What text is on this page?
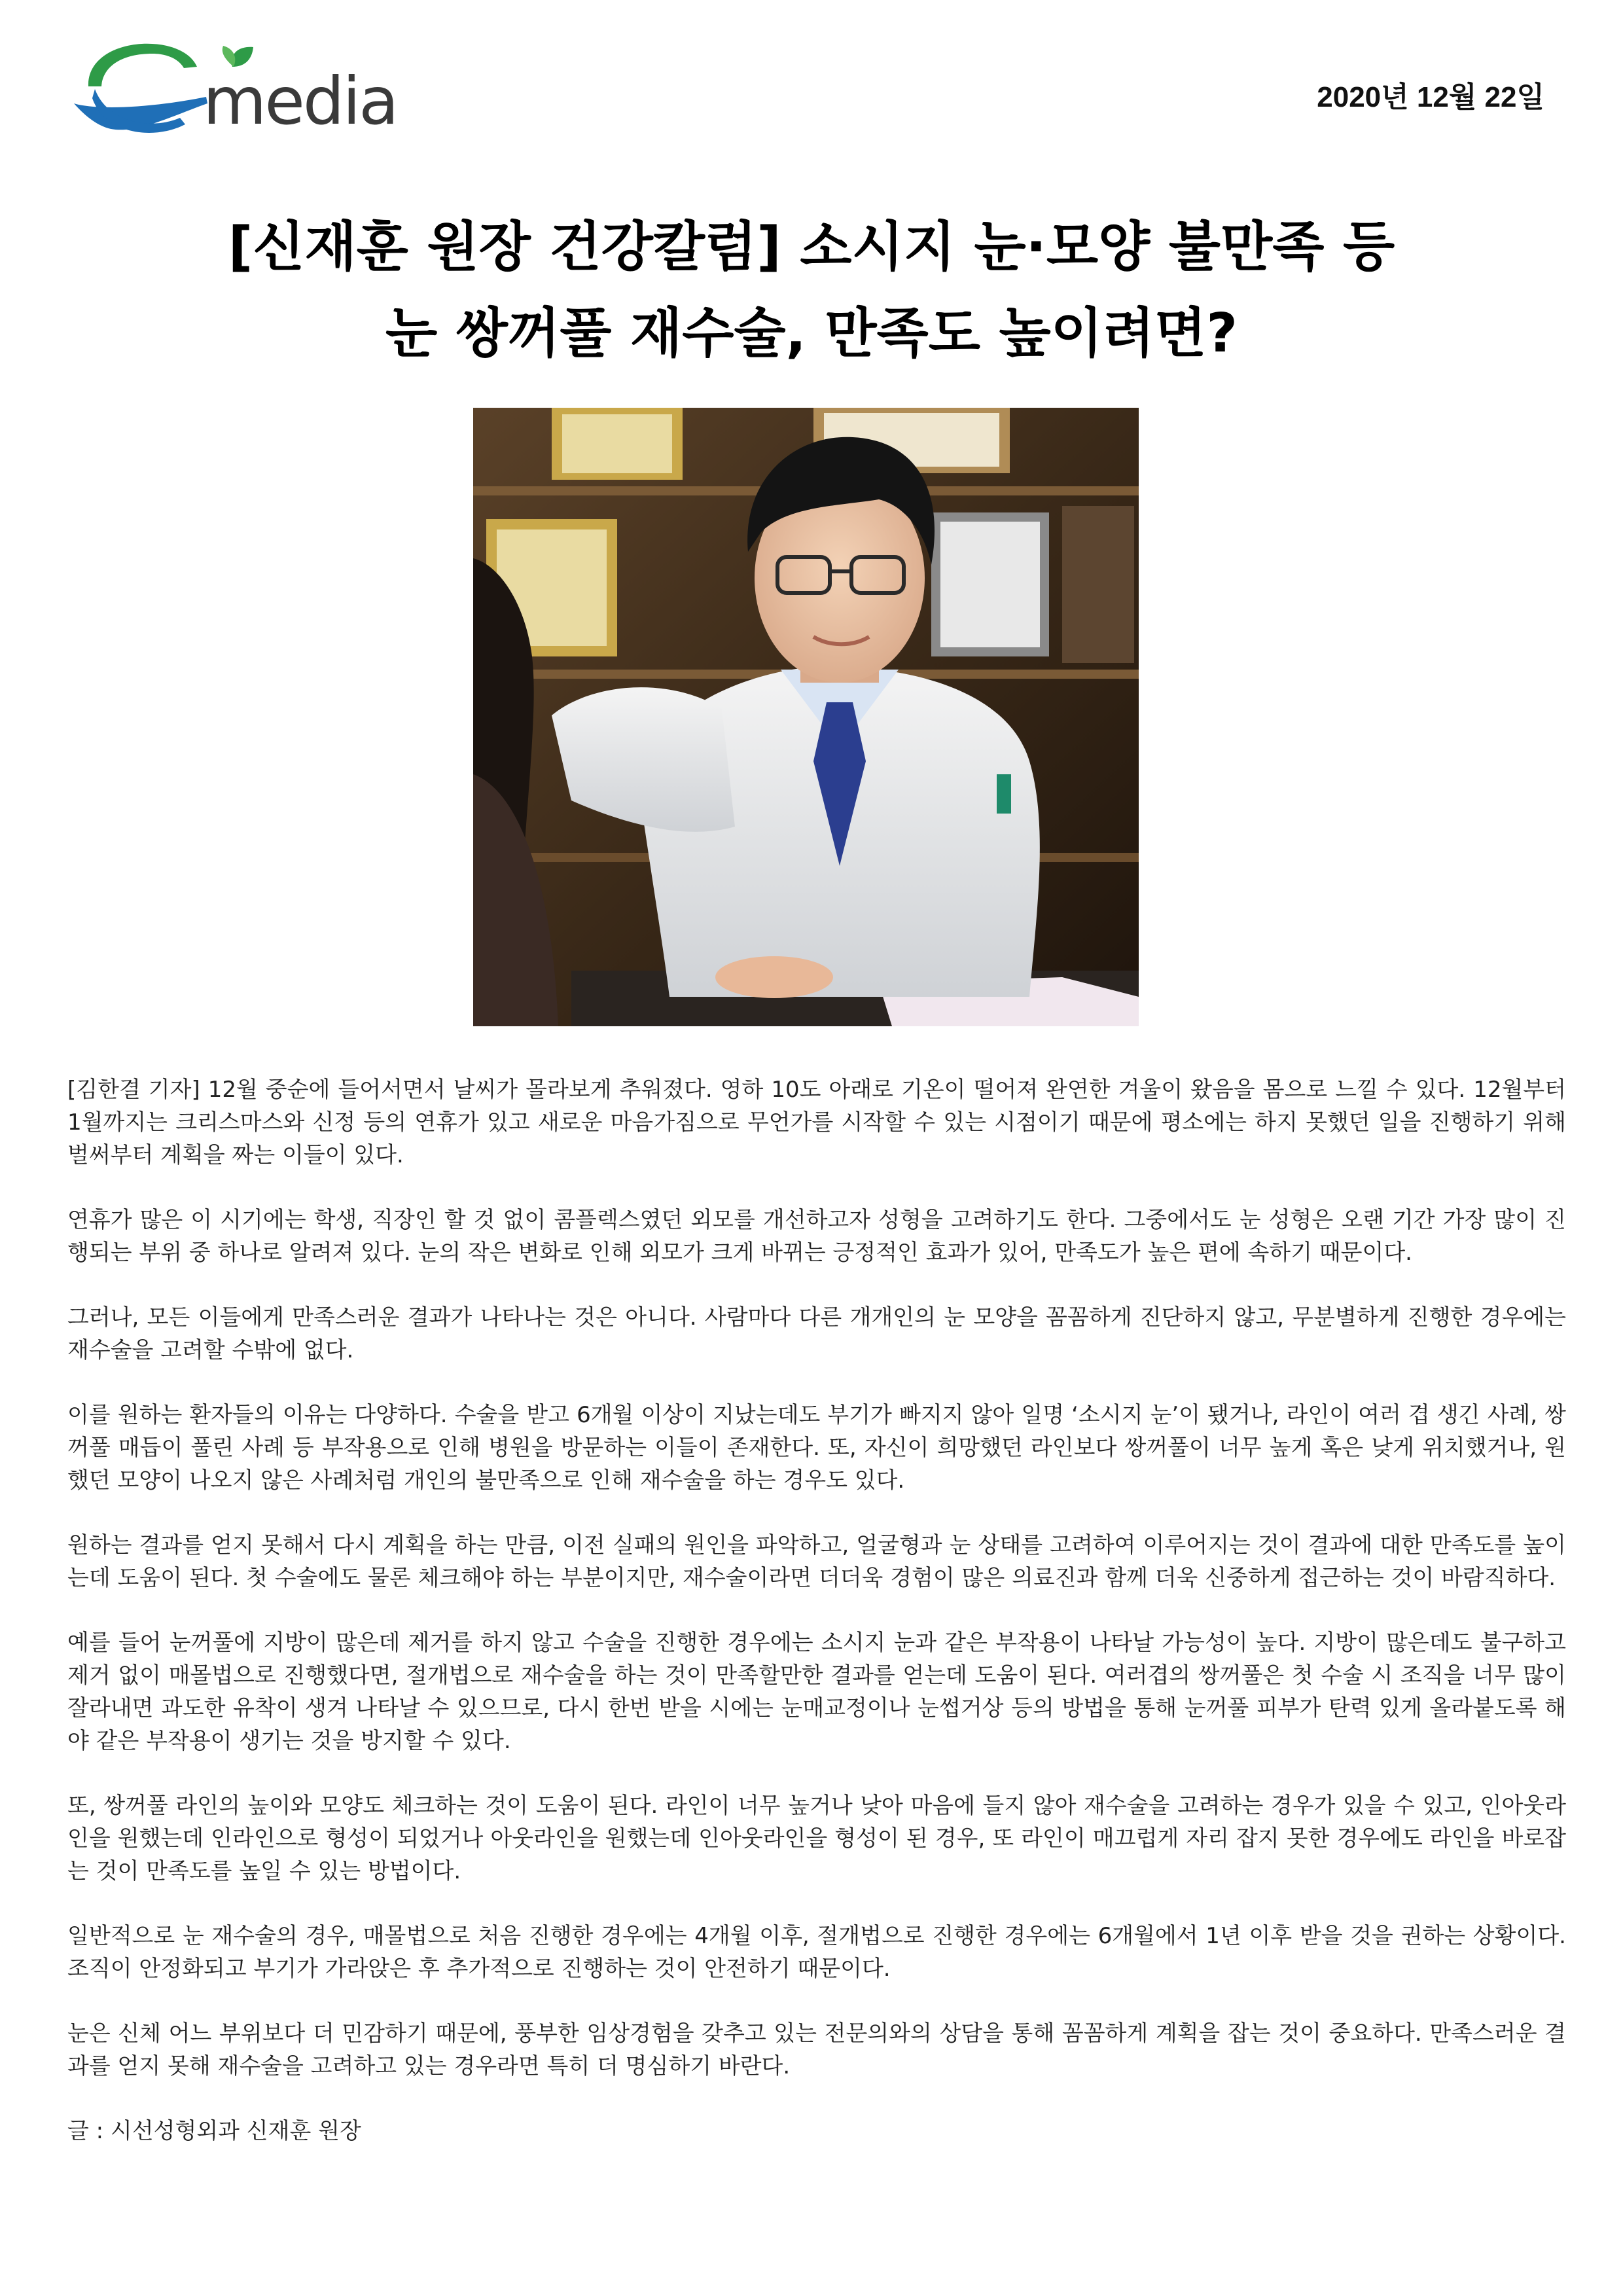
media	2020년 12월 22일
[신재훈 원장 건강칼럼] 소시지 눈·모양 불만족 등
눈 쌍꺼풀 재수술, 만족도 높이려면?

[김한결 기자] 12월 중순에 들어서면서 날씨가 몰라보게 추워졌다. 영하 10도 아래로 기온이 떨어져 완연한 겨울이 왔음을 몸으로 느낄 수 있다. 12월부터 1월까지는 크리스마스와 신정 등의 연휴가 있고 새로운 마음가짐으로 무언가를 시작할 수 있는 시점이기 때문에 평소에는 하지 못했던 일을 진행하기 위해 벌써부터 계획을 짜는 이들이 있다.

연휴가 많은 이 시기에는 학생, 직장인 할 것 없이 콤플렉스였던 외모를 개선하고자 성형을 고려하기도 한다. 그중에서도 눈 성형은 오랜 기간 가장 많이 진행되는 부위 중 하나로 알려져 있다. 눈의 작은 변화로 인해 외모가 크게 바뀌는 긍정적인 효과가 있어, 만족도가 높은 편에 속하기 때문이다.

그러나, 모든 이들에게 만족스러운 결과가 나타나는 것은 아니다. 사람마다 다른 개개인의 눈 모양을 꼼꼼하게 진단하지 않고, 무분별하게 진행한 경우에는 재수술을 고려할 수밖에 없다.

이를 원하는 환자들의 이유는 다양하다. 수술을 받고 6개월 이상이 지났는데도 부기가 빠지지 않아 일명 ‘소시지 눈’이 됐거나, 라인이 여러 겹 생긴 사례, 쌍꺼풀 매듭이 풀린 사례 등 부작용으로 인해 병원을 방문하는 이들이 존재한다. 또, 자신이 희망했던 라인보다 쌍꺼풀이 너무 높게 혹은 낮게 위치했거나, 원했던 모양이 나오지 않은 사례처럼 개인의 불만족으로 인해 재수술을 하는 경우도 있다.

원하는 결과를 얻지 못해서 다시 계획을 하는 만큼, 이전 실패의 원인을 파악하고, 얼굴형과 눈 상태를 고려하여 이루어지는 것이 결과에 대한 만족도를 높이는데 도움이 된다. 첫 수술에도 물론 체크해야 하는 부분이지만, 재수술이라면 더더욱 경험이 많은 의료진과 함께 더욱 신중하게 접근하는 것이 바람직하다.

예를 들어 눈꺼풀에 지방이 많은데 제거를 하지 않고 수술을 진행한 경우에는 소시지 눈과 같은 부작용이 나타날 가능성이 높다. 지방이 많은데도 불구하고 제거 없이 매몰법으로 진행했다면, 절개법으로 재수술을 하는 것이 만족할만한 결과를 얻는데 도움이 된다. 여러겹의 쌍꺼풀은 첫 수술 시 조직을 너무 많이 잘라내면 과도한 유착이 생겨 나타날 수 있으므로, 다시 한번 받을 시에는 눈매교정이나 눈썹거상 등의 방법을 통해 눈꺼풀 피부가 탄력 있게 올라붙도록 해야 같은 부작용이 생기는 것을 방지할 수 있다.

또, 쌍꺼풀 라인의 높이와 모양도 체크하는 것이 도움이 된다. 라인이 너무 높거나 낮아 마음에 들지 않아 재수술을 고려하는 경우가 있을 수 있고, 인아웃라인을 원했는데 인라인으로 형성이 되었거나 아웃라인을 원했는데 인아웃라인을 형성이 된 경우, 또 라인이 매끄럽게 자리 잡지 못한 경우에도 라인을 바로잡는 것이 만족도를 높일 수 있는 방법이다.

일반적으로 눈 재수술의 경우, 매몰법으로 처음 진행한 경우에는 4개월 이후, 절개법으로 진행한 경우에는 6개월에서 1년 이후 받을 것을 권하는 상황이다. 조직이 안정화되고 부기가 가라앉은 후 추가적으로 진행하는 것이 안전하기 때문이다.

눈은 신체 어느 부위보다 더 민감하기 때문에, 풍부한 임상경험을 갖추고 있는 전문의와의 상담을 통해 꼼꼼하게 계획을 잡는 것이 중요하다. 만족스러운 결과를 얻지 못해 재수술을 고려하고 있는 경우라면 특히 더 명심하기 바란다.

글 : 시선성형외과 신재훈 원장
